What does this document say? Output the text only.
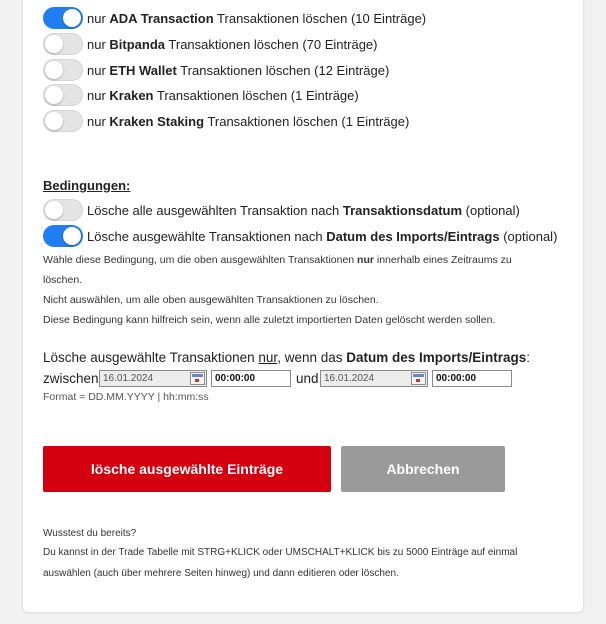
nur ADA Transaction Transaktionen löschen (10 Einträge)
nur Bitpanda Transaktionen löschen (70 Einträge)
nur ETH Wallet Transaktionen löschen (12 Einträge)
nur Kraken Transaktionen löschen (1 Einträge)
nur Kraken Staking Transaktionen löschen (1 Einträge)
Bedingungen:
Lösche alle ausgewählten Transaktion nach Transaktionsdatum (optional)
Lösche ausgewählte Transaktionen nach Datum des Imports/Eintrags (optional)
Wähle diese Bedingung, um die oben ausgewählten Transaktionen nur innerhalb eines Zeitraums zu
löschen.
Nicht auswählen, um alle oben ausgewählten Transaktionen zu löschen.
Diese Bedingung kann hilfreich sein, wenn alle zuletzt importierten Daten gelöscht werden sollen.
Lösche ausgewählte Transaktionen nur, wenn das Datum des Imports/Eintrags:
zwischen 16.01.2024	00:00:00	und 16.01.2024	00:00:00
Format = DD.MM.YYYY | hh:mm:ss
lösche ausgewählte Einträge	Abbrechen
Wusstest du bereits?
Du kannst in der Trade Tabelle mit STRG+KLICK oder UMSCHALT+KLICK bis zu 5000 Einträge auf einmal
auswählen (auch über mehrere Seiten hinweg) und dann editieren oder löschen.
